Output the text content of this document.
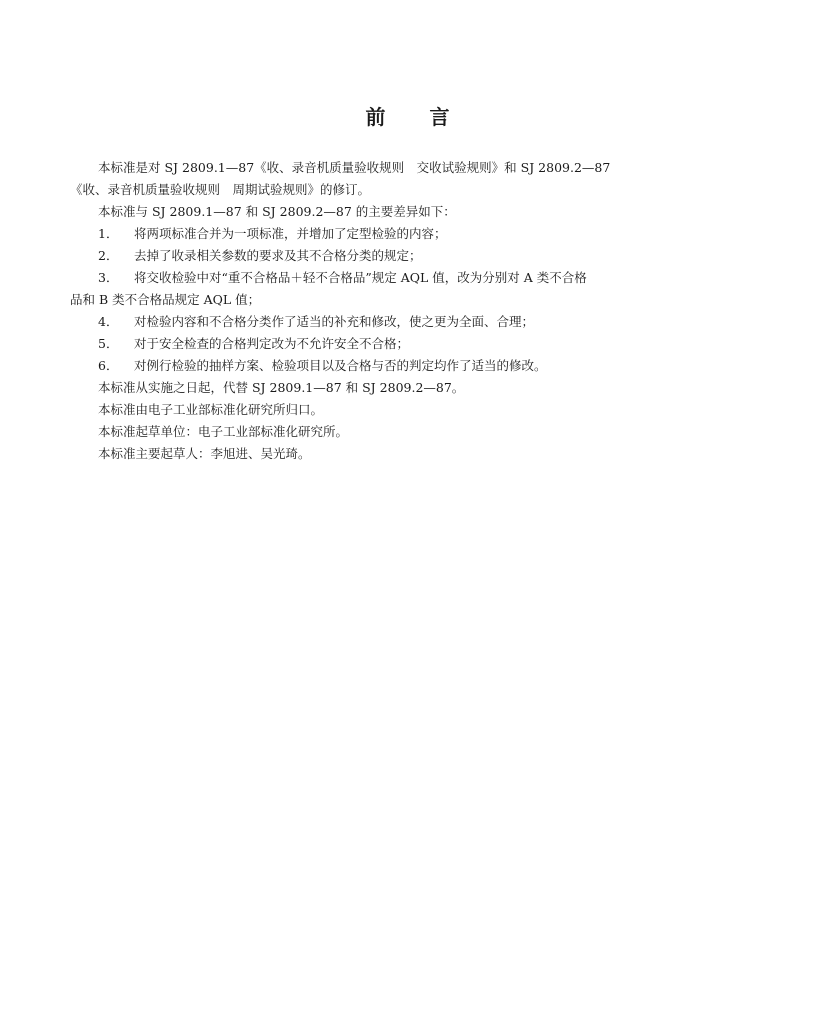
前 言
本标准是对 SJ 2809.1—87《收、录音机质量验收规则　交收试验规则》和 SJ 2809.2—87
《收、录音机质量验收规则　周期试验规则》的修订。
本标准与 SJ 2809.1—87 和 SJ 2809.2—87 的主要差异如下：
1． 将两项标准合并为一项标准，并增加了定型检验的内容；
2． 去掉了收录相关参数的要求及其不合格分类的规定；
3． 将交收检验中对“重不合格品＋轻不合格品”规定 AQL 值，改为分别对 A 类不合格
品和 B 类不合格品规定 AQL 值；
4． 对检验内容和不合格分类作了适当的补充和修改，使之更为全面、合理；
5． 对于安全检查的合格判定改为不允许安全不合格；
6． 对例行检验的抽样方案、检验项目以及合格与否的判定均作了适当的修改。
本标准从实施之日起，代替 SJ 2809.1—87 和 SJ 2809.2—87。
本标准由电子工业部标准化研究所归口。
本标准起草单位：电子工业部标准化研究所。
本标准主要起草人：李旭进、吴光琦。
